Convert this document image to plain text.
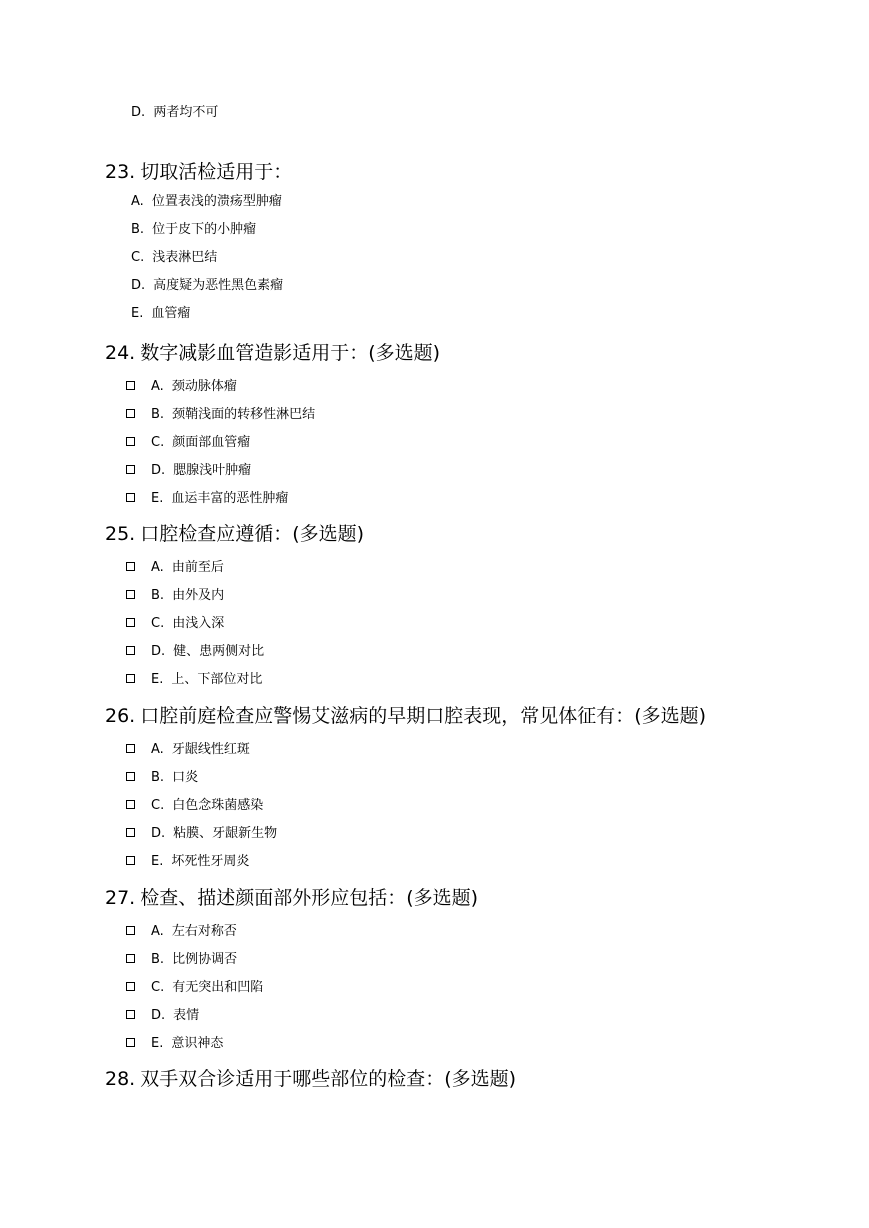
D.  两者均不可
23. 切取活检适用于：
A . 位置表浅的溃疡型肿瘤
B . 位于皮下的小肿瘤
C . 浅表淋巴结
D . 高度疑为恶性黑色素瘤
E . 血管瘤
24. 数字减影血管造影适用于：(多选题)
A . 颈动脉体瘤
B . 颈鞘浅面的转移性淋巴结
C . 颜面部血管瘤
D . 腮腺浅叶肿瘤
E . 血运丰富的恶性肿瘤
25. 口腔检查应遵循：(多选题)
A . 由前至后
B . 由外及内
C . 由浅入深
D . 健、患两侧对比
E . 上、下部位对比
26. 口腔前庭检查应警惕艾滋病的早期口腔表现，常见体征有：(多选题)
A . 牙龈线性红斑
B . 口炎
C . 白色念珠菌感染
D . 粘膜、牙龈新生物
E . 坏死性牙周炎
27. 检查、描述颜面部外形应包括：(多选题)
A . 左右对称否
B . 比例协调否
C . 有无突出和凹陷
D . 表情
E . 意识神态
28. 双手双合诊适用于哪些部位的检查：(多选题)
